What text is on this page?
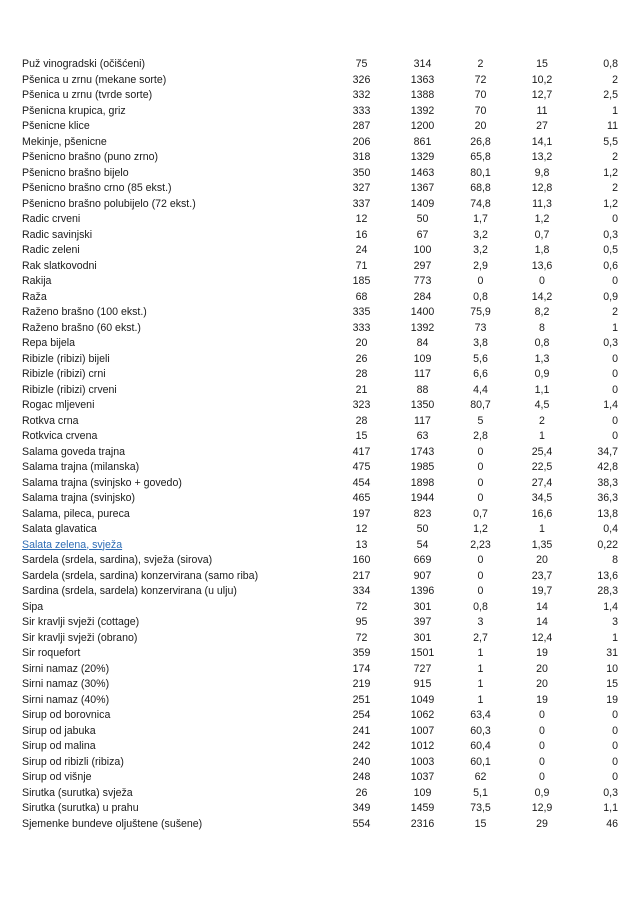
Puž vinogradski (očišćeni)	75	314	2	15	0,8
Pšenica u zrnu (mekane sorte)	326	1363	72	10,2	2
Pšenica u zrnu (tvrde sorte)	332	1388	70	12,7	2,5
Pšenicna krupica, griz	333	1392	70	11	1
Pšenicne klice	287	1200	20	27	11
Mekinje, pšenicne	206	861	26,8	14,1	5,5
Pšenicno brašno (puno zrno)	318	1329	65,8	13,2	2
Pšenicno brašno bijelo	350	1463	80,1	9,8	1,2
Pšenicno brašno crno (85 ekst.)	327	1367	68,8	12,8	2
Pšenicno brašno polubijelo (72 ekst.)	337	1409	74,8	11,3	1,2
Radic crveni	12	50	1,7	1,2	0
Radic savinjski	16	67	3,2	0,7	0,3
Radic zeleni	24	100	3,2	1,8	0,5
Rak slatkovodni	71	297	2,9	13,6	0,6
Rakija	185	773	0	0	0
Raža	68	284	0,8	14,2	0,9
Raženo brašno (100 ekst.)	335	1400	75,9	8,2	2
Raženo brašno (60 ekst.)	333	1392	73	8	1
Repa bijela	20	84	3,8	0,8	0,3
Ribizle (ribizi) bijeli	26	109	5,6	1,3	0
Ribizle (ribizi) crni	28	117	6,6	0,9	0
Ribizle (ribizi) crveni	21	88	4,4	1,1	0
Rogac mljeveni	323	1350	80,7	4,5	1,4
Rotkva crna	28	117	5	2	0
Rotkvica crvena	15	63	2,8	1	0
Salama goveda trajna	417	1743	0	25,4	34,7
Salama trajna (milanska)	475	1985	0	22,5	42,8
Salama trajna (svinjsko + govedo)	454	1898	0	27,4	38,3
Salama trajna (svinjsko)	465	1944	0	34,5	36,3
Salama, pileca, pureca	197	823	0,7	16,6	13,8
Salata glavatica	12	50	1,2	1	0,4
Salata zelena, svježa	13	54	2,23	1,35	0,22
Sardela (srdela, sardina), svježa (sirova)	160	669	0	20	8
Sardela (srdela, sardina) konzervirana (samo riba)	217	907	0	23,7	13,6
Sardina (srdela, sardela) konzervirana (u ulju)	334	1396	0	19,7	28,3
Sipa	72	301	0,8	14	1,4
Sir kravlji svježi (cottage)	95	397	3	14	3
Sir kravlji svježi (obrano)	72	301	2,7	12,4	1
Sir roquefort	359	1501	1	19	31
Sirni namaz (20%)	174	727	1	20	10
Sirni namaz (30%)	219	915	1	20	15
Sirni namaz (40%)	251	1049	1	19	19
Sirup od borovnica	254	1062	63,4	0	0
Sirup od jabuka	241	1007	60,3	0	0
Sirup od malina	242	1012	60,4	0	0
Sirup od ribizli (ribiza)	240	1003	60,1	0	0
Sirup od višnje	248	1037	62	0	0
Sirutka (surutka) svježa	26	109	5,1	0,9	0,3
Sirutka (surutka) u prahu	349	1459	73,5	12,9	1,1
Sjemenke bundeve oljuštene (sušene)	554	2316	15	29	46
